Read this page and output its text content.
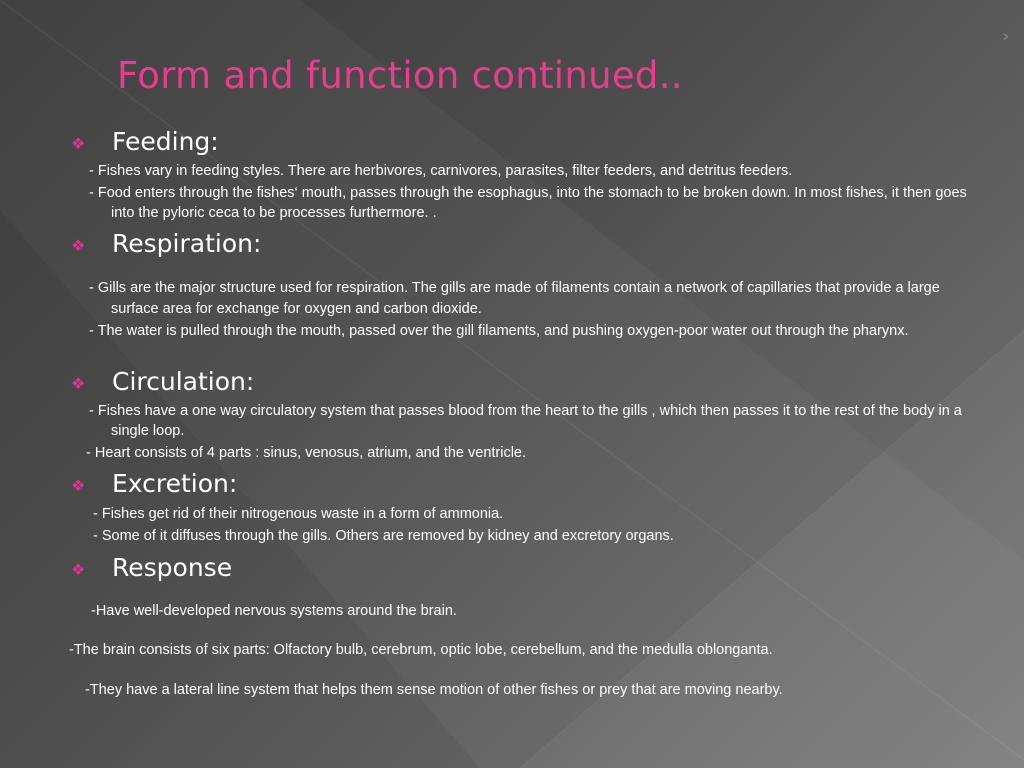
›
Form and function continued..
❖ Feeding:
- Fishes vary in feeding styles. There are herbivores, carnivores, parasites, filter feeders, and detritus feeders.
- Food enters through the fishes‘ mouth, passes through the esophagus, into the stomach to be broken down. In most fishes, it then goes into the pyloric ceca to be processes furthermore. .
❖ Respiration:
- Gills are the major structure used for respiration. The gills are made of filaments contain a network of capillaries that provide a large surface area for exchange for oxygen and carbon dioxide.
- The water is pulled through the mouth, passed over the gill filaments, and pushing oxygen-poor water out through the pharynx.
❖ Circulation:
- Fishes have a one way circulatory system that passes blood from the heart to the gills , which then passes it to the rest of the body in a single loop.
- Heart consists of 4 parts : sinus, venosus, atrium, and the ventricle.
❖ Excretion:
- Fishes get rid of their nitrogenous waste in a form of ammonia.
- Some of it diffuses through the gills. Others are removed by kidney and excretory organs.
❖ Response
-Have well-developed nervous systems around the brain.
-The brain consists of six parts: Olfactory bulb, cerebrum, optic lobe, cerebellum, and the medulla oblonganta.
-They have a lateral line system that helps them sense motion of other fishes or prey that are moving nearby.
